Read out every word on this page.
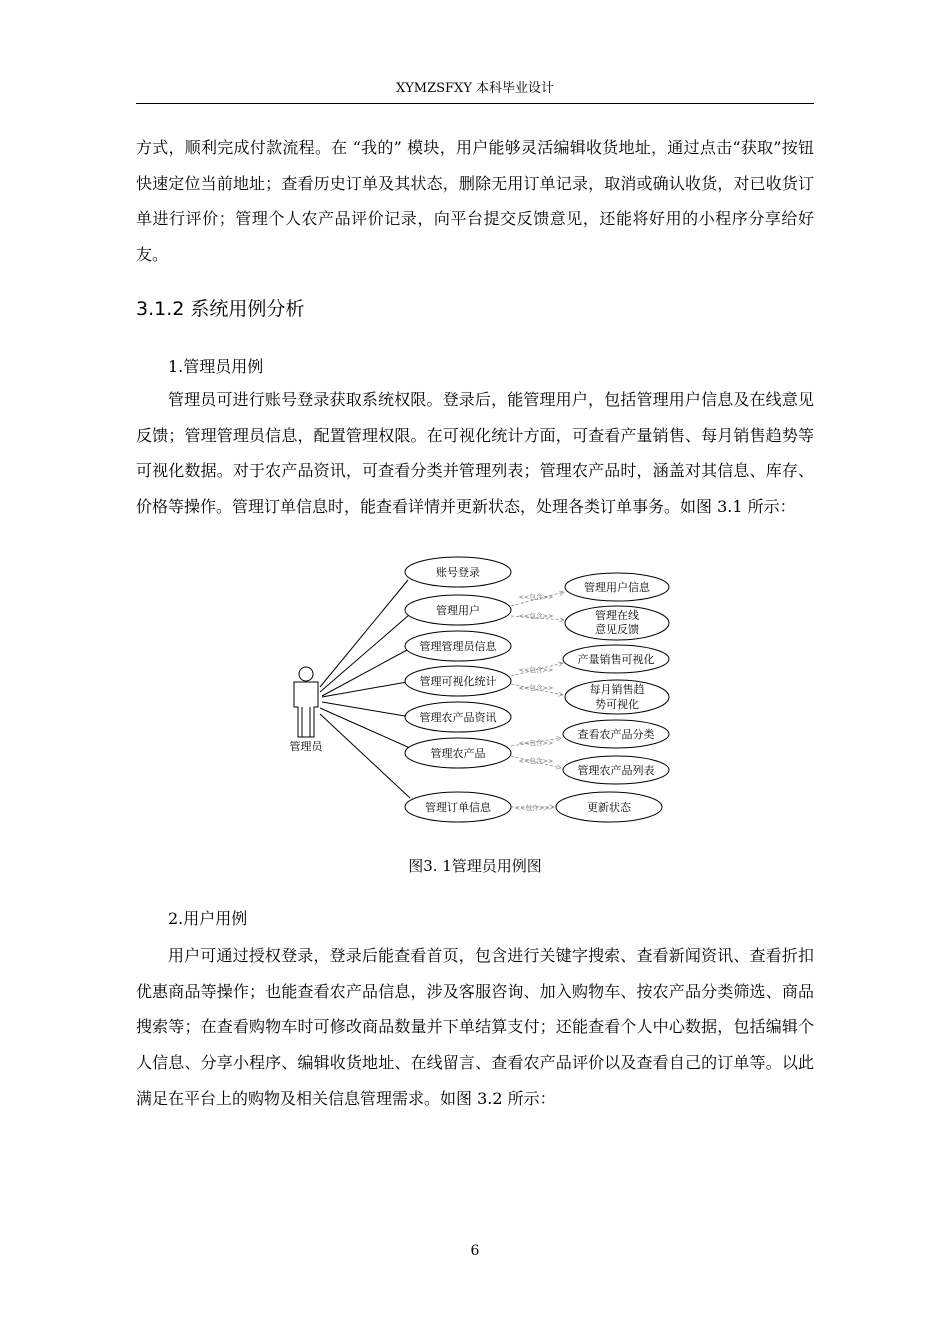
XYMZSFXY 本科毕业设计

方式，顺利完成付款流程。在 “我的” 模块，用户能够灵活编辑收货地址，通过点击“获取”按钮快速定位当前地址；查看历史订单及其状态，删除无用订单记录，取消或确认收货，对已收货订单进行评价；管理个人农产品评价记录，向平台提交反馈意见，还能将好用的小程序分享给好友。

3.1.2 系统用例分析
1.管理员用例

管理员可进行账号登录获取系统权限。登录后，能管理用户，包括管理用户信息及在线意见反馈；管理管理员信息，配置管理权限。在可视化统计方面，可查看产量销售、每月销售趋势等可视化数据。对于农产品资讯，可查看分类并管理列表；管理农产品时，涵盖对其信息、库存、价格等操作。管理订单信息时，能查看详情并更新状态，处理各类订单事务。如图 3.1 所示：

管理员
<<包含>>
<<包含>>
<<包含>>
<<包含>>
<<包含>>
<<包含>>
<<包含>>
账号登录
管理用户
管理管理员信息
管理可视化统计
管理农产品资讯
管理农产品
管理订单信息
管理用户信息
管理在线
意见反馈
产量销售可视化
每月销售趋
势可视化
查看农产品分类
管理农产品列表
更新状态
图3. 1管理员用例图
2.用户用例

用户可通过授权登录，登录后能查看首页，包含进行关键字搜索、查看新闻资讯、查看折扣优惠商品等操作；也能查看农产品信息，涉及客服咨询、加入购物车、按农产品分类筛选、商品搜索等；在查看购物车时可修改商品数量并下单结算支付；还能查看个人中心数据，包括编辑个人信息、分享小程序、编辑收货地址、在线留言、查看农产品评价以及查看自己的订单等。以此满足在平台上的购物及相关信息管理需求。如图 3.2 所示：

6
